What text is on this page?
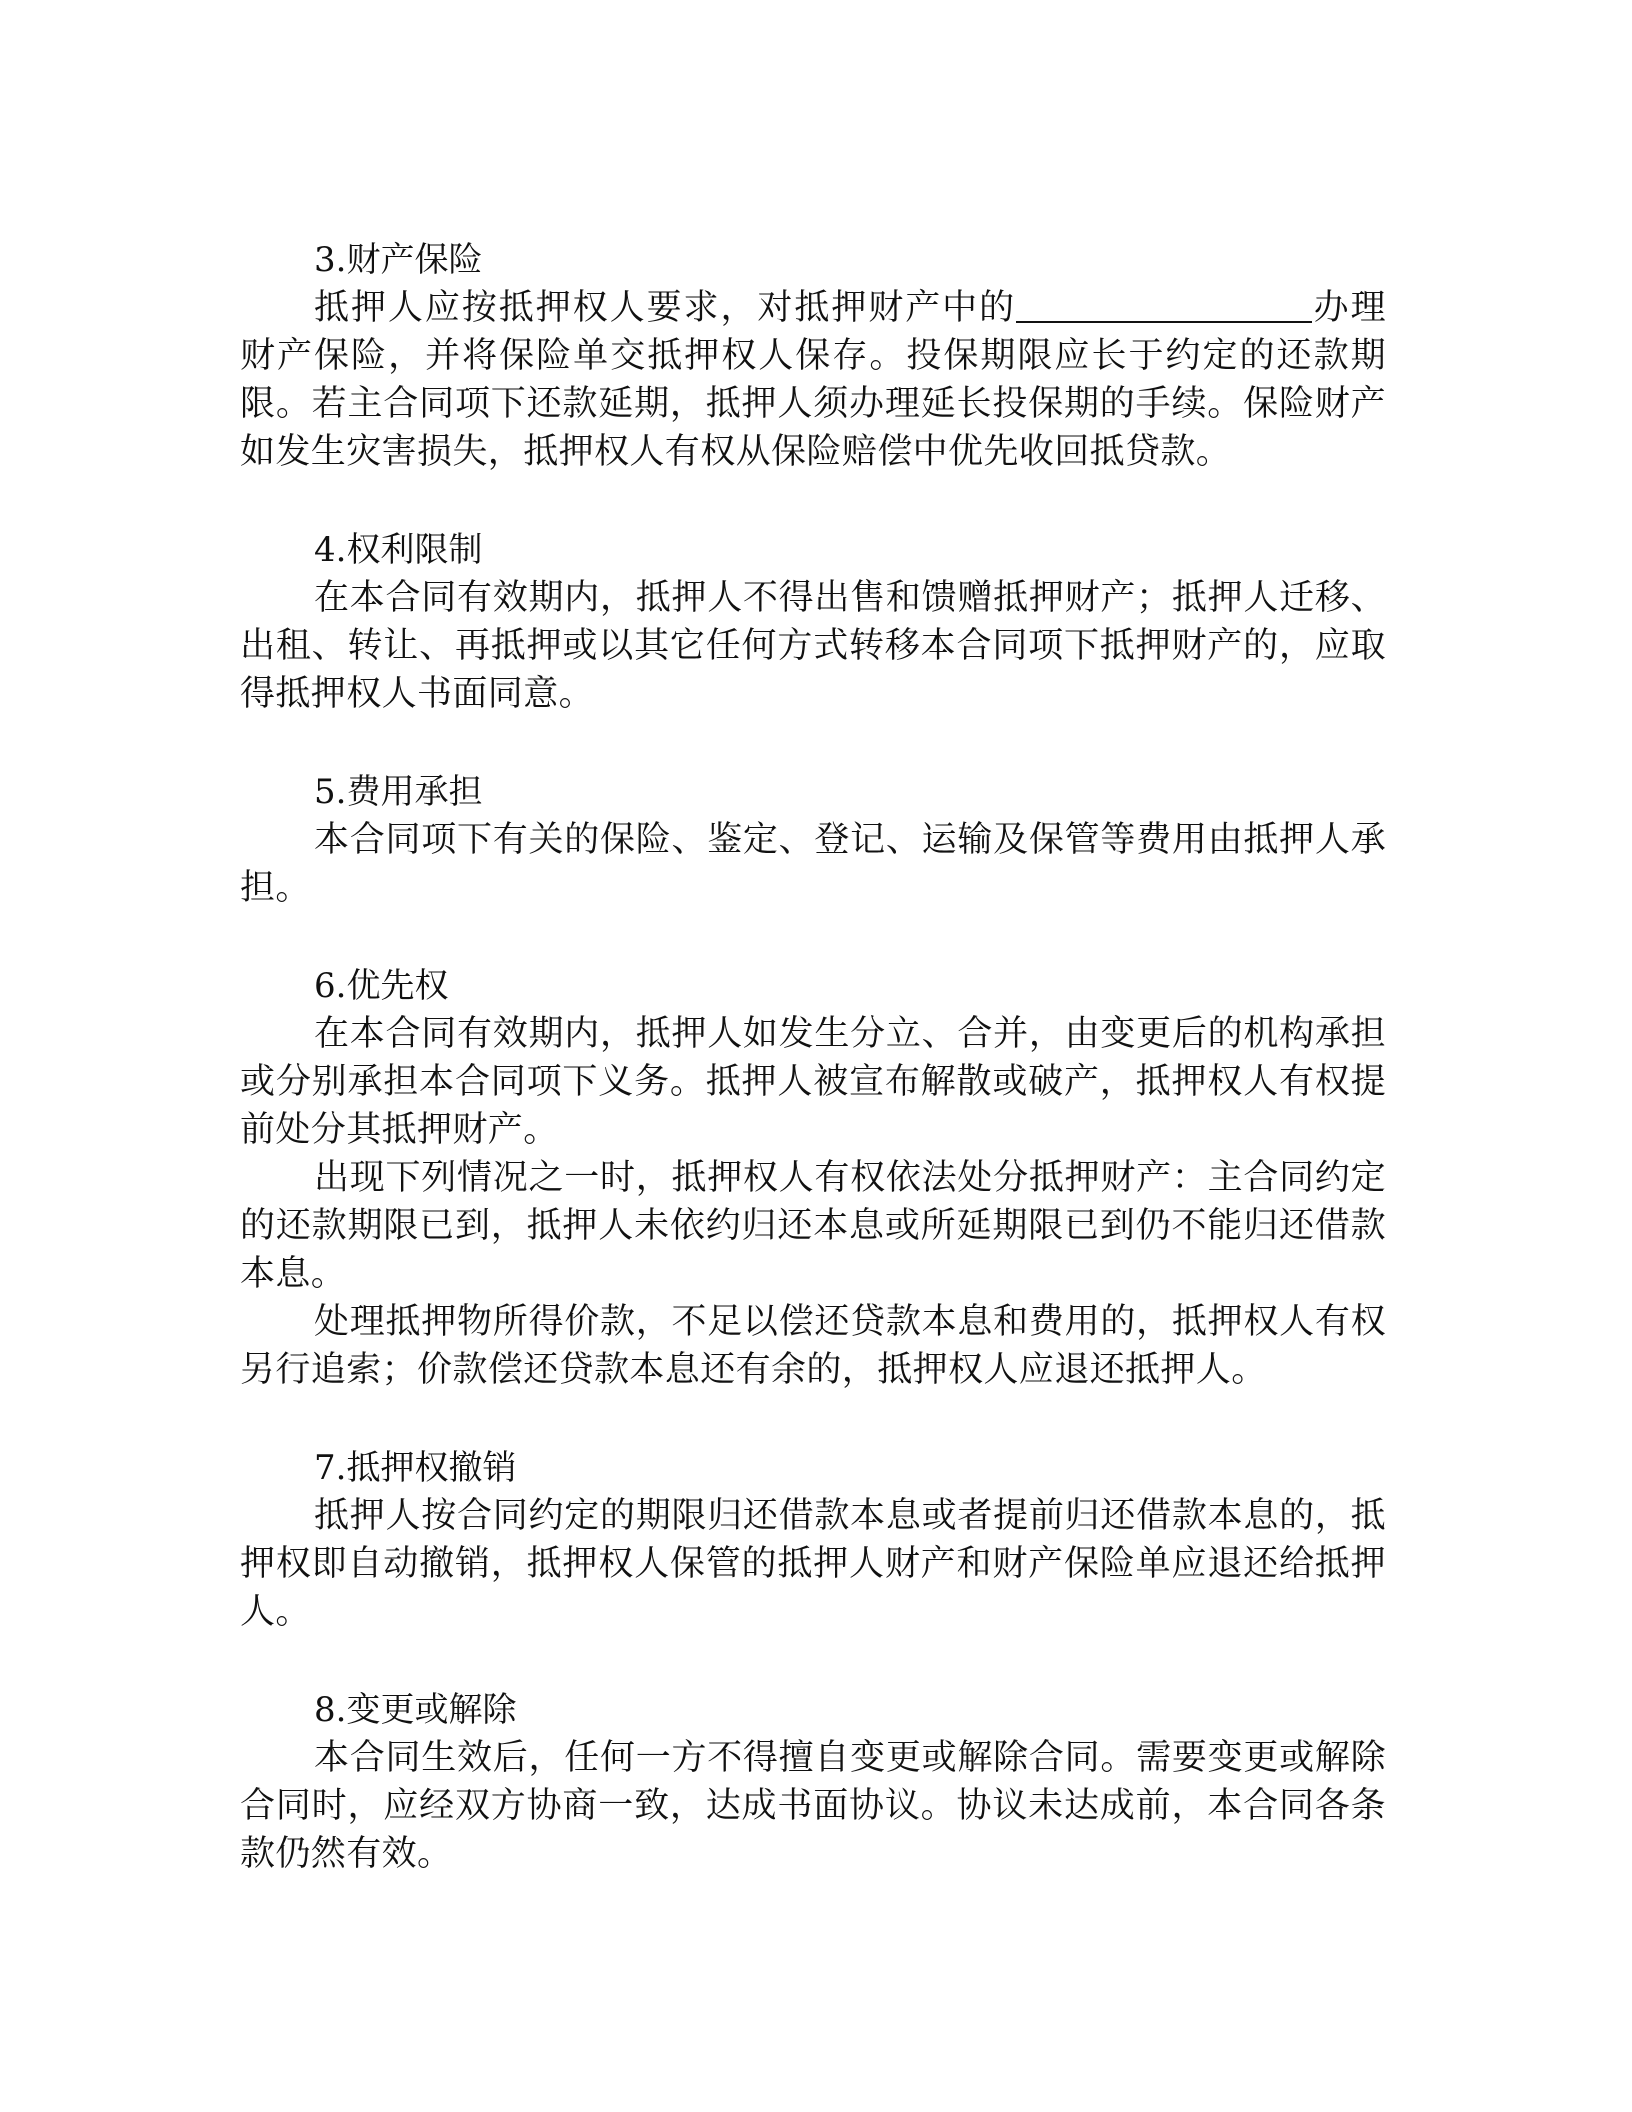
3.财产保险

抵押人应按抵押权人要求，对抵押财产中的	办理财产保险，并将保险单交抵押权人保存。投保期限应长于约定的还款期限。若主合同项下还款延期，抵押人须办理延长投保期的手续。保险财产如发生灾害损失，抵押权人有权从保险赔偿中优先收回抵贷款。

4.权利限制

在本合同有效期内，抵押人不得出售和馈赠抵押财产；抵押人迁移、出租、转让、再抵押或以其它任何方式转移本合同项下抵押财产的，应取得抵押权人书面同意。

5.费用承担

本合同项下有关的保险、鉴定、登记、运输及保管等费用由抵押人承担。

6.优先权

在本合同有效期内，抵押人如发生分立、合并，由变更后的机构承担或分别承担本合同项下义务。抵押人被宣布解散或破产，抵押权人有权提前处分其抵押财产。

出现下列情况之一时，抵押权人有权依法处分抵押财产：主合同约定的还款期限已到，抵押人未依约归还本息或所延期限已到仍不能归还借款本息。

处理抵押物所得价款，不足以偿还贷款本息和费用的，抵押权人有权另行追索；价款偿还贷款本息还有余的，抵押权人应退还抵押人。

7.抵押权撤销

抵押人按合同约定的期限归还借款本息或者提前归还借款本息的，抵押权即自动撤销，抵押权人保管的抵押人财产和财产保险单应退还给抵押人。

8.变更或解除

本合同生效后，任何一方不得擅自变更或解除合同。需要变更或解除合同时，应经双方协商一致，达成书面协议。协议未达成前，本合同各条款仍然有效。
